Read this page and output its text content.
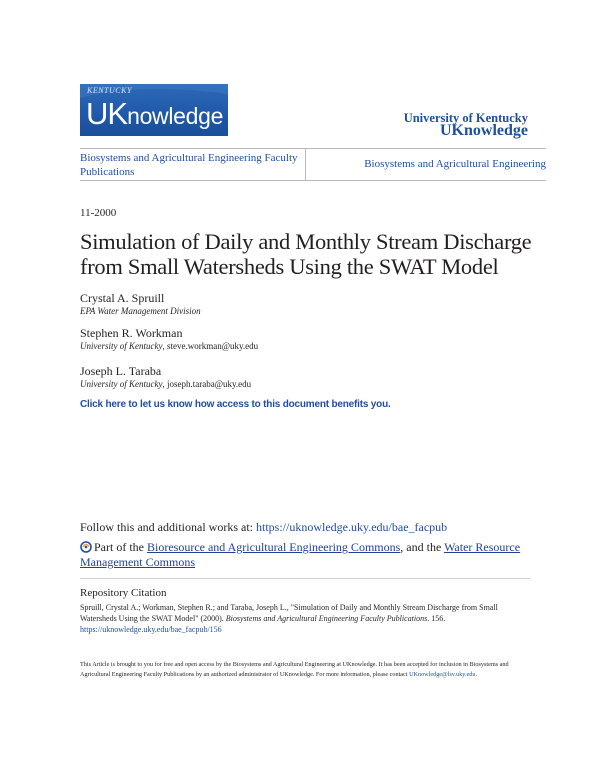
KENTUCKY
UKnowledge	University of Kentucky
UKnowledge
Biosystems and Agricultural Engineering Faculty Publications
Biosystems and Agricultural Engineering
11-2000
Simulation of Daily and Monthly Stream Discharge from Small Watersheds Using the SWAT Model
Crystal A. Spruill
EPA Water Management Division
Stephen R. Workman
University of Kentucky, steve.workman@uky.edu
Joseph L. Taraba
University of Kentucky, joseph.taraba@uky.edu
Click here to let us know how access to this document benefits you.
Follow this and additional works at: https://uknowledge.uky.edu/bae_facpub
Part of the Bioresource and Agricultural Engineering Commons, and the Water Resource Management Commons
Repository Citation
Spruill, Crystal A.; Workman, Stephen R.; and Taraba, Joseph L., "Simulation of Daily and Monthly Stream Discharge from Small Watersheds Using the SWAT Model" (2000). Biosystems and Agricultural Engineering Faculty Publications. 156.
https://uknowledge.uky.edu/bae_facpub/156
This Article is brought to you for free and open access by the Biosystems and Agricultural Engineering at UKnowledge. It has been accepted for inclusion in Biosystems and Agricultural Engineering Faculty Publications by an authorized administrator of UKnowledge. For more information, please contact UKnowledge@lsv.uky.edu.
